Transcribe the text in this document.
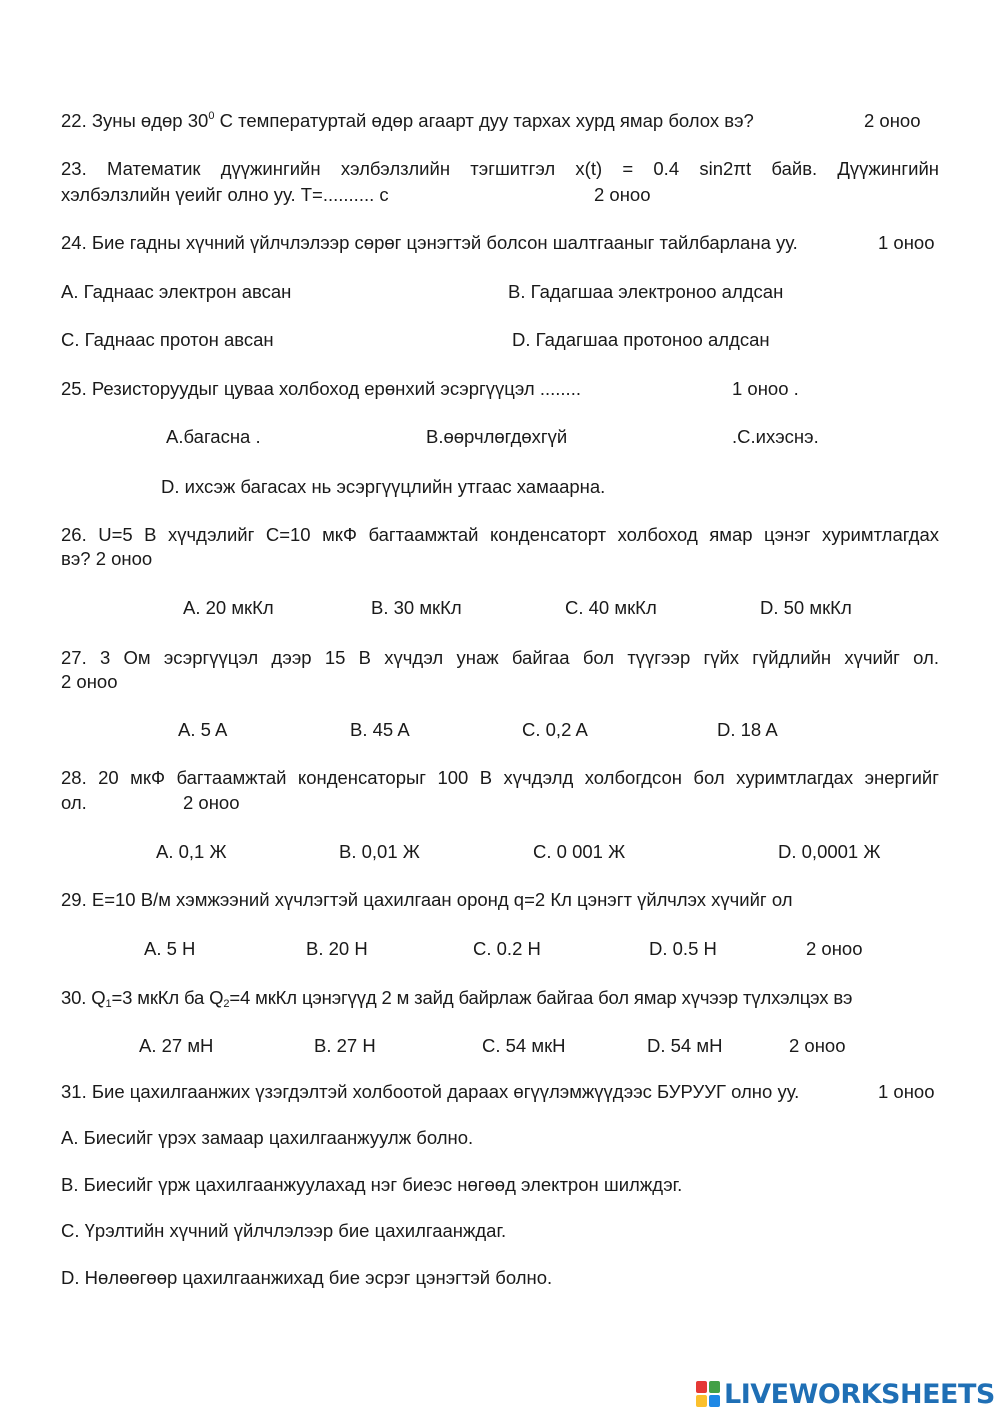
22. Зуны өдөр $30^0$ С температуртай өдөр агаарт дуу тархах хурд ямар болох вэ?	2 оноо
23. Математик дүүжингийн хэлбэлзлийн тэгшитгэл x(t) = 0.4 sin2πt байв. Дүүжингийн
хэлбэлзлийн үеийг олно уу. T=.......... с	2 оноо
24. Бие гадны хүчний үйлчлэлээр сөрөг цэнэгтэй болсон шалтгааныг тайлбарлана уу.	1 оноо
A. Гаднаас электрон авсан	B. Гадагшаа электроноо алдсан
C. Гаднаас протон авсан	D. Гадагшаа протоноо алдсан
25. Резисторуудыг цуваа холбоход ерөнхий эсэргүүцэл ........	1 оноо .
A.багасна .	B.өөрчлөгдөхгүй	.С.ихэснэ.
D. ихсэж багасах нь эсэргүүцлийн утгаас хамаарна.
26. U=5 В хүчдэлийг С=10 мкФ багтаамжтай конденсаторт холбоход ямар цэнэг хуримтлагдах
вэ? 2 оноо
A. 20 мкКл	B. 30 мкКл	C. 40 мкКл	D. 50 мкКл
27. 3 Ом эсэргүүцэл дээр 15 В хүчдэл унаж байгаа бол түүгээр гүйх гүйдлийн хүчийг ол.
2 оноо
A. 5 A	B. 45 A	C. 0,2 A	D. 18 A
28. 20 мкФ багтаамжтай конденсаторыг 100 В хүчдэлд холбогдсон бол хуримтлагдах энергийг
ол.	2 оноо
A. 0,1 Ж	B. 0,01 Ж	C. 0 001 Ж	D. 0,0001 Ж
29. E=10 В/м хэмжээний хүчлэгтэй цахилгаан оронд q=2 Кл цэнэгт үйлчлэх хүчийг ол
A. 5 H	B. 20 H	C. 0.2 H	D. 0.5 H	2 оноо
30. $Q_1=3$ мкКл ба $Q_2=4$ мкКл цэнэгүүд 2 м зайд байрлаж байгаа бол ямар хүчээр түлхэлцэх вэ
A. 27 мН	B. 27 Н	C. 54 мкН	D. 54 мН	2 оноо
31. Бие цахилгаанжих үзэгдэлтэй холбоотой дараах өгүүлэмжүүдээс БУРУУГ олно уу.	1 оноо
A. Биесийг үрэх замаар цахилгаанжуулж болно.
B. Биесийг үрж цахилгаанжуулахад нэг биеэс нөгөөд электрон шилждэг.
C. Үрэлтийн хүчний үйлчлэлээр бие цахилгаанждаг.
D. Нөлөөгөөр цахилгаанжихад бие эсрэг цэнэгтэй болно.
LIVEWORKSHEETS
